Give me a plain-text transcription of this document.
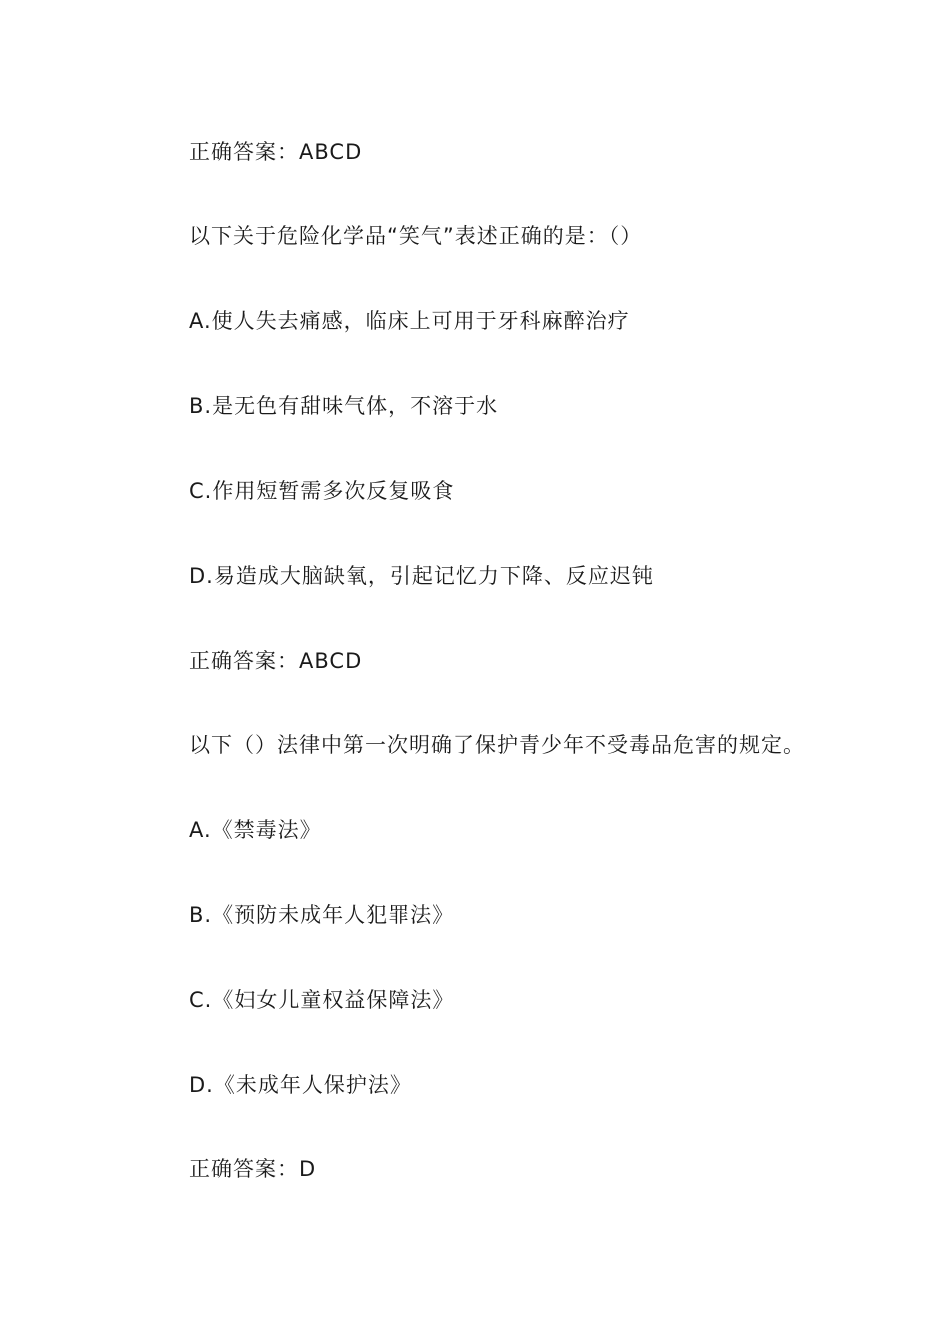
正确答案：ABCD
以下关于危险化学品“笑气”表述正确的是：（）
A.使人失去痛感，临床上可用于牙科麻醉治疗
B.是无色有甜味气体，不溶于水
C.作用短暂需多次反复吸食
D.易造成大脑缺氧，引起记忆力下降、反应迟钝
正确答案：ABCD
以下（）法律中第一次明确了保护青少年不受毒品危害的规定。
A.《禁毒法》
B.《预防未成年人犯罪法》
C.《妇女儿童权益保障法》
D.《未成年人保护法》
正确答案：D
